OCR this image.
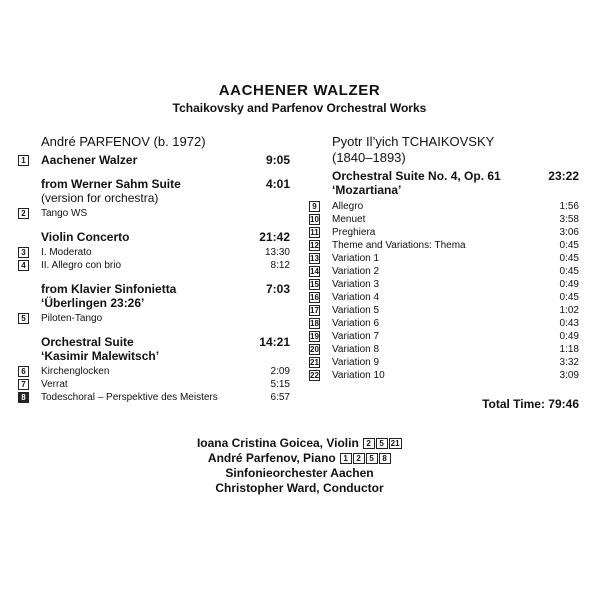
AACHENER WALZER
Tchaikovsky and Parfenov Orchestral Works
André PARFENOV (b. 1972)
1 Aachener Walzer	9:05
from Werner Sahm Suite	4:01
(version for orchestra)
2	Tango WS
Violin Concerto	21:42
3	I. Moderato	13:30
4	II. Allegro con brio	8:12
from Klavier Sinfonietta
‘Überlingen 23:26’
7:03
5	Piloten-Tango
Orchestral Suite
‘Kasimir Malewitsch’
14:21
6	Kirchenglocken	2:09
7	Verrat	5:15
8	Todeschoral – Perspektive des Meisters	6:57
Pyotr Il’yich TCHAIKOVSKY
(1840–1893)
Orchestral Suite No. 4, Op. 61
‘Mozartiana’
23:22
9	Allegro	1:56
10 Menuet	3:58
11 Preghiera	3:06
12 Theme and Variations: Thema	0:45
13 Variation 1	0:45
14 Variation 2	0:45
15 Variation 3	0:49
16 Variation 4	0:45
17 Variation 5	1:02
18 Variation 6	0:43
19 Variation 7	0:49
20 Variation 8	1:18
21 Variation 9	3:32
22 Variation 10	3:09
Total Time: 79:46
Ioana Cristina Goicea, Violin 2 5 21
André Parfenov, Piano 1 2 5 8
Sinfonieorchester Aachen
Christopher Ward, Conductor
